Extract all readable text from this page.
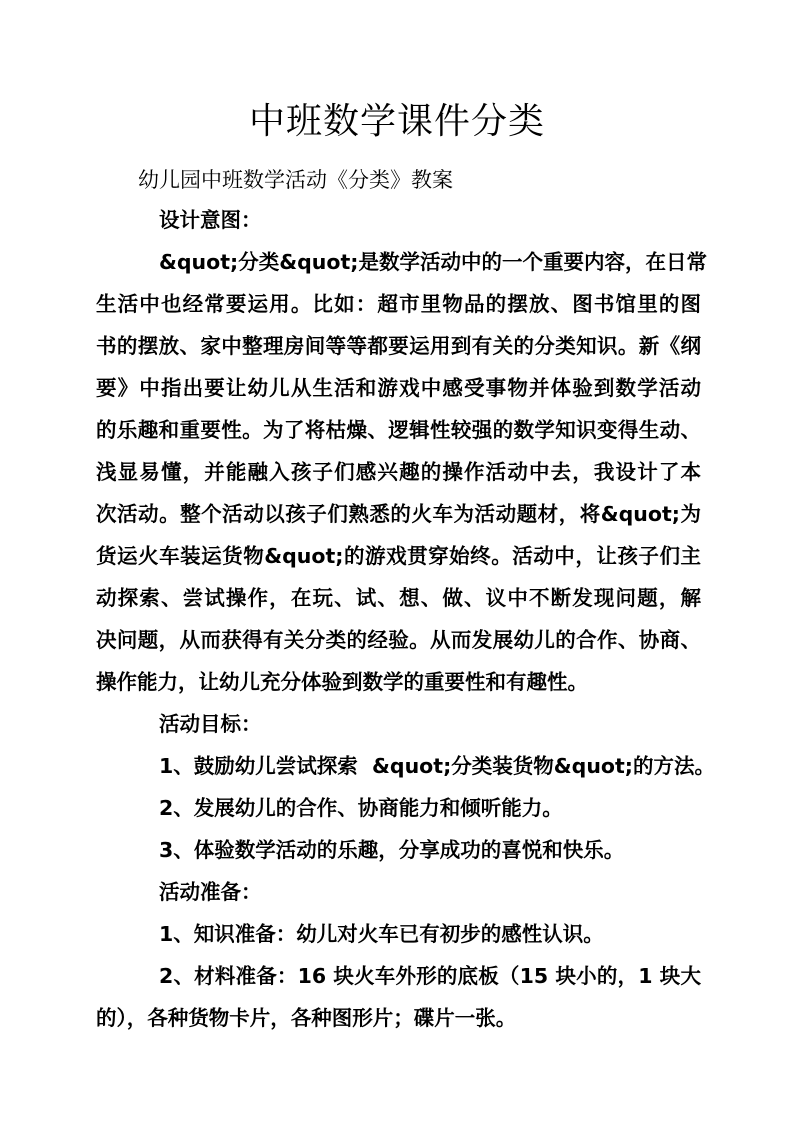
中班数学课件分类
幼儿园中班数学活动《分类》教案
设计意图：
&quot;分类&quot;是数学活动中的一个重要内容，在日常
生活中也经常要运用。比如：超市里物品的摆放、图书馆里的图
书的摆放、家中整理房间等等都要运用到有关的分类知识。新《纲
要》中指出要让幼儿从生活和游戏中感受事物并体验到数学活动
的乐趣和重要性。为了将枯燥、逻辑性较强的数学知识变得生动、
浅显易懂，并能融入孩子们感兴趣的操作活动中去，我设计了本
次活动。整个活动以孩子们熟悉的火车为活动题材，将&quot;为
货运火车装运货物&quot;的游戏贯穿始终。活动中，让孩子们主
动探索、尝试操作，在玩、试、想、做、议中不断发现问题，解
决问题，从而获得有关分类的经验。从而发展幼儿的合作、协商、
操作能力，让幼儿充分体验到数学的重要性和有趣性。
活动目标：
1、鼓励幼儿尝试探索  &quot;分类装货物&quot;的方法。
2、发展幼儿的合作、协商能力和倾听能力。
3、体验数学活动的乐趣，分享成功的喜悦和快乐。
活动准备：
1、知识准备：幼儿对火车已有初步的感性认识。
2、材料准备：16 块火车外形的底板（15 块小的，1 块大
的），各种货物卡片，各种图形片；碟片一张。
